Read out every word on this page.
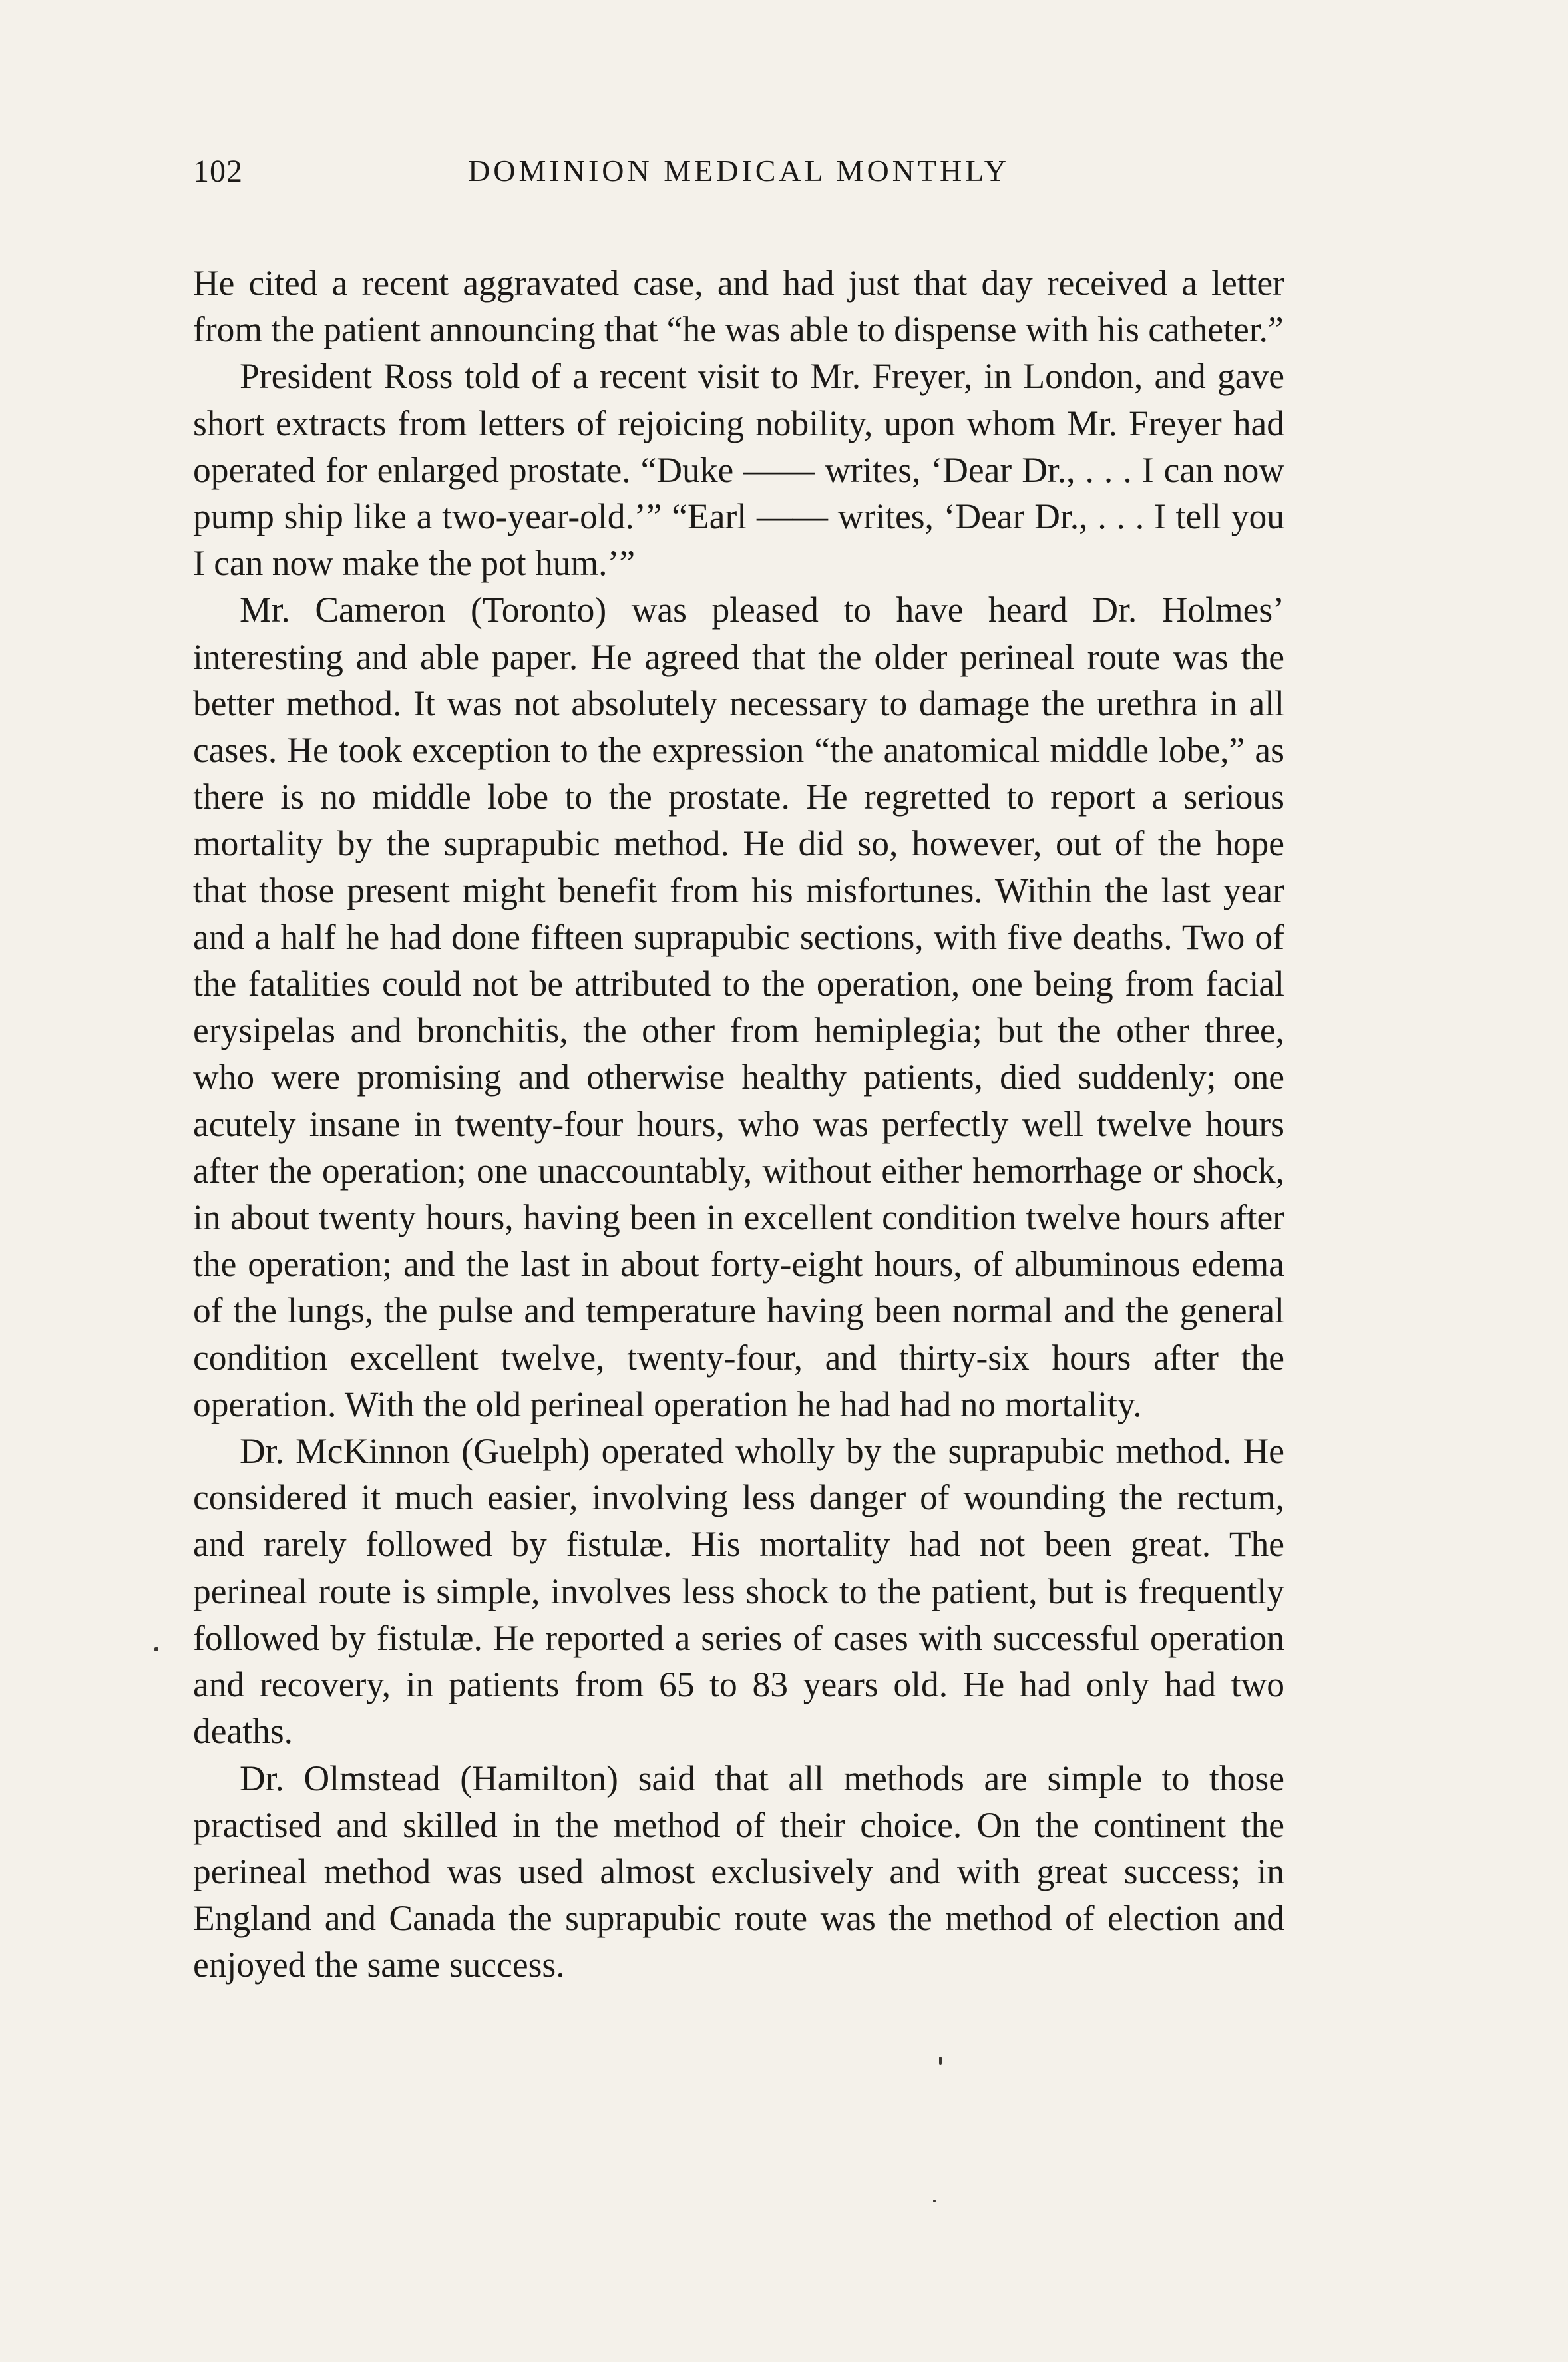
102	DOMINION MEDICAL MONTHLY

He cited a recent aggravated case, and had just that day received a letter from the patient announcing that “he was able to dispense with his catheter.”

President Ross told of a recent visit to Mr. Freyer, in London, and gave short extracts from letters of rejoicing nobility, upon whom Mr. Freyer had operated for enlarged prostate. “Duke —— writes, ‘Dear Dr., . . . I can now pump ship like a two-year-old.’” “Earl —— writes, ‘Dear Dr., . . . I tell you I can now make the pot hum.’”

Mr. Cameron (Toronto) was pleased to have heard Dr. Holmes’ interesting and able paper. He agreed that the older perineal route was the better method. It was not absolutely necessary to damage the urethra in all cases. He took exception to the expression “the anatomical middle lobe,” as there is no middle lobe to the prostate. He regretted to report a serious mortality by the suprapubic method. He did so, however, out of the hope that those present might benefit from his misfortunes. Within the last year and a half he had done fifteen suprapubic sections, with five deaths. Two of the fatalities could not be attributed to the operation, one being from facial erysipelas and bronchitis, the other from hemiplegia; but the other three, who were promising and otherwise healthy patients, died suddenly; one acutely insane in twenty-four hours, who was perfectly well twelve hours after the operation; one unaccountably, without either hemorrhage or shock, in about twenty hours, having been in excellent condition twelve hours after the operation; and the last in about forty-eight hours, of albuminous edema of the lungs, the pulse and temperature having been normal and the general condition excellent twelve, twenty-four, and thirty-six hours after the operation. With the old perineal operation he had had no mortality.

Dr. McKinnon (Guelph) operated wholly by the suprapubic method. He considered it much easier, involving less danger of wounding the rectum, and rarely followed by fistulæ. His mortality had not been great. The perineal route is simple, involves less shock to the patient, but is frequently followed by fistulæ. He reported a series of cases with successful operation and recovery, in patients from 65 to 83 years old. He had only had two deaths.

Dr. Olmstead (Hamilton) said that all methods are simple to those practised and skilled in the method of their choice. On the continent the perineal method was used almost exclusively and with great success; in England and Canada the suprapubic route was the method of election and enjoyed the same success.
